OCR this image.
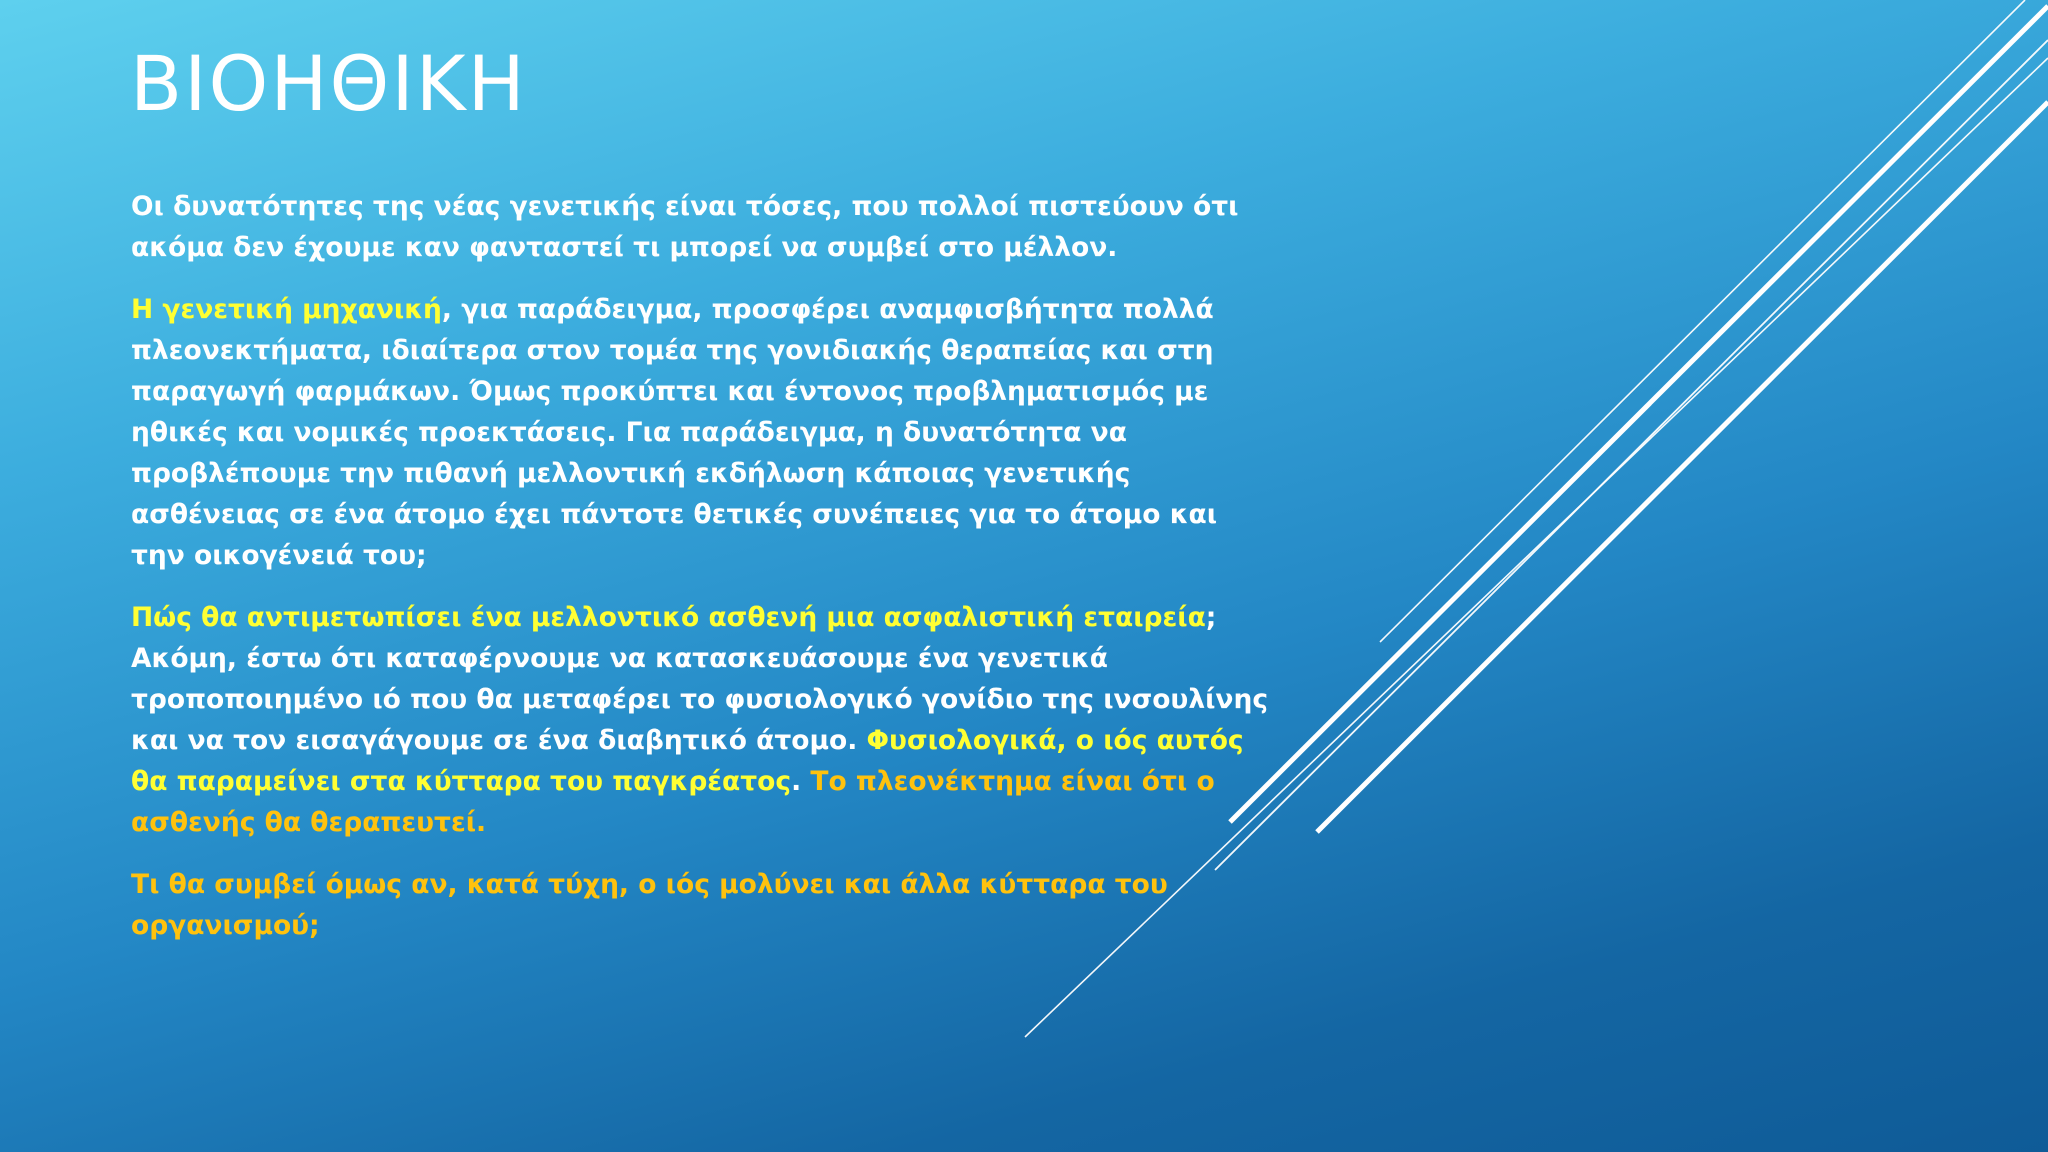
ΒΙΟΗΘΙΚΗ

Οι δυνατότητες της νέας γενετικής είναι τόσες, που πολλοί πιστεύουν ότι ακόμα δεν έχουμε καν φανταστεί τι μπορεί να συμβεί στο μέλλον.

Η γενετική μηχανική, για παράδειγμα, προσφέρει αναμφισβήτητα πολλά πλεονεκτήματα, ιδιαίτερα στον τομέα της γονιδιακής θεραπείας και στη παραγωγή φαρμάκων. Όμως προκύπτει και έντονος προβληματισμός με ηθικές και νομικές προεκτάσεις. Για παράδειγμα, η δυνατότητα να προβλέπουμε την πιθανή μελλοντική εκδήλωση κάποιας γενετικής ασθένειας σε ένα άτομο έχει πάντοτε θετικές συνέπειες για το άτομο και την οικογένειά του;

Πώς θα αντιμετωπίσει ένα μελλοντικό ασθενή μια ασφαλιστική εταιρεία; Ακόμη, έστω ότι καταφέρνουμε να κατασκευάσουμε ένα γενετικά τροποποιημένο ιό που θα μεταφέρει το φυσιολογικό γονίδιο της ινσουλίνης και να τον εισαγάγουμε σε ένα διαβητικό άτομο. Φυσιολογικά, ο ιός αυτός θα παραμείνει στα κύτταρα του παγκρέατος. Το πλεονέκτημα είναι ότι ο ασθενής θα θεραπευτεί.

Τι θα συμβεί όμως αν, κατά τύχη, ο ιός μολύνει και άλλα κύτταρα του οργανισμού;
